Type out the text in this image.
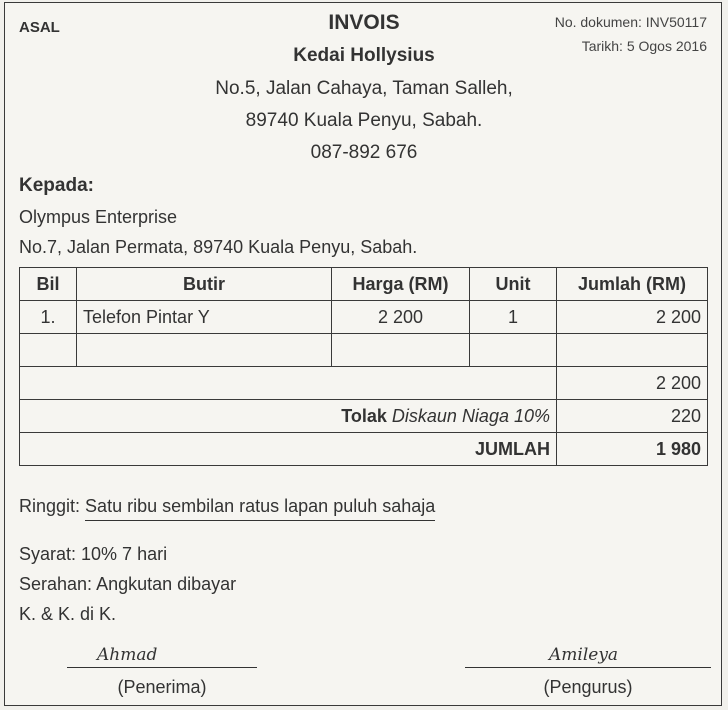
ASAL	INVOIS
Kedai Hollysius
No.5, Jalan Cahaya, Taman Salleh,
89740 Kuala Penyu, Sabah.
087-892 676
No. dokumen: INV50117
Tarikh: 5 Ogos 2016
Kepada:
Olympus Enterprise
No.7, Jalan Permata, 89740 Kuala Penyu, Sabah.
Bil	Butir	Harga (RM)	Unit	Jumlah (RM)
1.	Telefon Pintar Y	2 200	1	2 200

				2 200
Tolak Diskaun Niaga 10%				220
JUMLAH				1 980
Ringgit: Satu ribu sembilan ratus lapan puluh sahaja
Syarat: 10% 7 hari
Serahan: Angkutan dibayar
K. & K. di K.
Ahmad
(Penerima)
Amileya
(Pengurus)
